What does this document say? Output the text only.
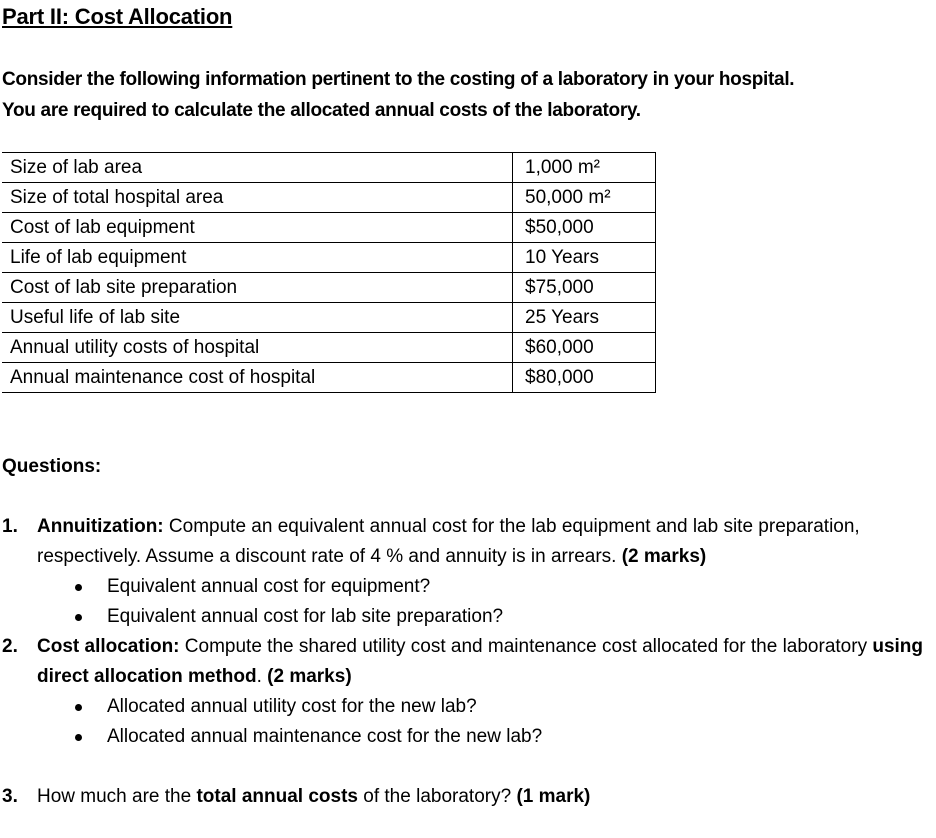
Part II: Cost Allocation
Consider the following information pertinent to the costing of a laboratory in your hospital.
You are required to calculate the allocated annual costs of the laboratory.
Size of lab area	1,000 m²
Size of total hospital area	50,000 m²
Cost of lab equipment	$50,000
Life of lab equipment	10 Years
Cost of lab site preparation	$75,000
Useful life of lab site	25 Years
Annual utility costs of hospital	$60,000
Annual maintenance cost of hospital	$80,000
Questions:
1. Annuitization: Compute an equivalent annual cost for the lab equipment and lab site preparation, respectively. Assume a discount rate of 4 % and annuity is in arrears. (2 marks)
Equivalent annual cost for equipment?
Equivalent annual cost for lab site preparation?
2. Cost allocation: Compute the shared utility cost and maintenance cost allocated for the laboratory using direct allocation method. (2 marks)
Allocated annual utility cost for the new lab?
Allocated annual maintenance cost for the new lab?
3. How much are the total annual costs of the laboratory? (1 mark)
